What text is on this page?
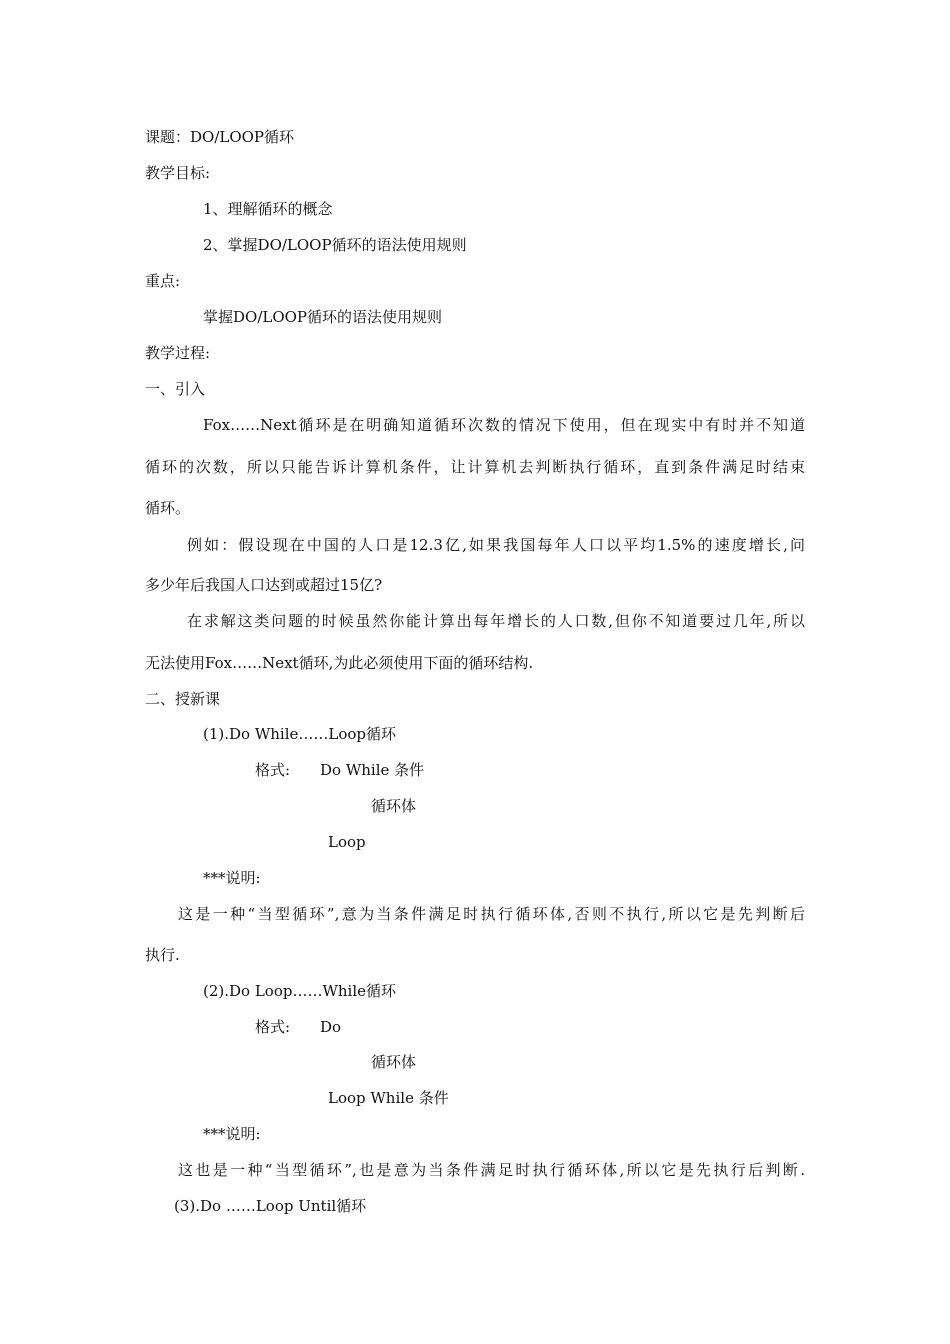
课题：DO/LOOP循环
教学目标:
1、理解循环的概念
2、掌握DO/LOOP循环的语法使用规则
重点:
掌握DO/LOOP循环的语法使用规则
教学过程:
一、引入
Fox……Next循环是在明确知道循环次数的情况下使用，但在现实中有时并不知道
循环的次数，所以只能告诉计算机条件，让计算机去判断执行循环，直到条件满足时结束
循环。
例如：假设现在中国的人口是12.3亿,如果我国每年人口以平均1.5%的速度增长,问
多少年后我国人口达到或超过15亿?
在求解这类问题的时候虽然你能计算出每年增长的人口数,但你不知道要过几年,所以
无法使用Fox……Next循环,为此必须使用下面的循环结构.
二、授新课
(1).Do While……Loop循环
格式: Do While 条件
循环体
Loop
***说明:
这是一种“当型循环”,意为当条件满足时执行循环体,否则不执行,所以它是先判断后
执行.
(2).Do Loop……While循环
格式: Do
循环体
Loop While 条件
***说明:
这也是一种“当型循环”,也是意为当条件满足时执行循环体,所以它是先执行后判断.
(3).Do ……Loop Until循环
